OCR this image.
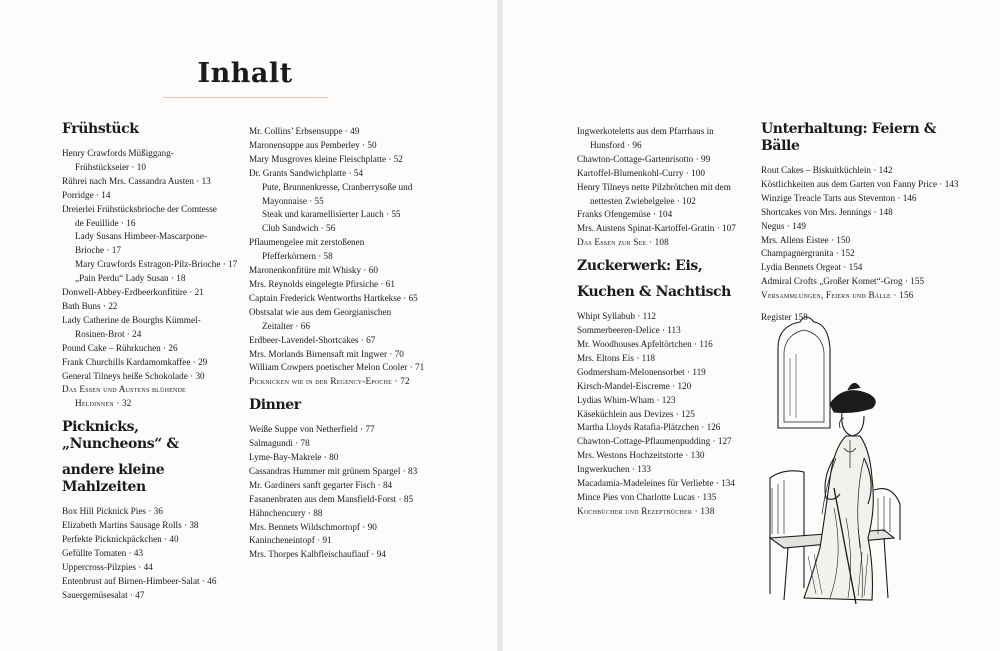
Inhalt
Frühstück
Henry Crawfords Müßiggang-
Frühstückseier · 10
Rührei nach Mrs. Cassandra Austen · 13
Porridge · 14
Dreierlei Frühstücksbrioche der Comtesse
de Feuillide · 16
Lady Susans Himbeer-Mascarpone-
Brioche · 17
Mary Crawfords Estragon-Pilz-Brioche · 17
„Pain Perdu“ Lady Susan · 18
Donwell-Abbey-Erdbeerkonfitüre · 21
Bath Buns · 22
Lady Catherine de Bourghs Kümmel-
Rosinen-Brot · 24
Pound Cake – Rührkuchen · 26
Frank Churchills Kardamomkaffee · 29
General Tilneys heiße Schokolade · 30
Das Essen und Austens blühende
Heldinnen · 32
Picknicks, „Nuncheons“ &
andere kleine Mahlzeiten
Box Hill Picknick Pies · 36
Elizabeth Martins Sausage Rolls · 38
Perfekte Picknickpäckchen · 40
Gefüllte Tomaten · 43
Uppercross-Pilzpies · 44
Entenbrust auf Birnen-Himbeer-Salat · 46
Sauergemüsesalat · 47
Mr. Collins’ Erbsensuppe · 49
Maronensuppe aus Pemberley · 50
Mary Musgroves kleine Fleischplatte · 52
Dr. Grants Sandwichplatte · 54
Pute, Brunnenkresse, Cranberrysoße und
Mayonnaise · 55
Steak und karamellisierter Lauch · 55
Club Sandwich · 56
Pflaumengelee mit zerstoßenen
Pfefferkörnern · 58
Maronenkonfitüre mit Whisky · 60
Mrs. Reynolds eingelegte Pfirsiche · 61
Captain Frederick Wentworths Hartkekse · 65
Obstsalat wie aus dem Georgianischen
Zeitalter · 66
Erdbeer-Lavendel-Shortcakes · 67
Mrs. Morlands Birnensaft mit Ingwer · 70
William Cowpers poetischer Melon Cooler · 71
Picknicken wie in der Regency-Epoche · 72
Dinner
Weiße Suppe von Netherfield · 77
Salmagundi · 78
Lyme-Bay-Makrele · 80
Cassandras Hummer mit grünem Spargel · 83
Mr. Gardiners sanft gegarter Fisch · 84
Fasanenbraten aus dem Mansfield-Forst · 85
Hähnchencurry · 88
Mrs. Bennets Wildschmortopf · 90
Kanincheneintopf · 91
Mrs. Thorpes Kalbfleischauflauf · 94
Ingwerkoteletts aus dem Pfarrhaus in
Hunsford · 96
Chawton-Cottage-Gartenrisotto · 99
Kartoffel-Blumenkohl-Curry · 100
Henry Tilneys nette Pilzbrötchen mit dem
nettesten Zwiebelgelee · 102
Franks Ofengemüse · 104
Mrs. Austens Spinat-Kartoffel-Gratin · 107
Das Essen zur See · 108
Zuckerwerk: Eis,
Kuchen & Nachtisch
Whipt Syllabub · 112
Sommerbeeren-Delice · 113
Mr. Woodhouses Apfeltörtchen · 116
Mrs. Eltons Eis · 118
Godmersham-Melonensorbet · 119
Kirsch-Mandel-Eiscreme · 120
Lydias Whim-Wham · 123
Käseküchlein aus Devizes · 125
Martha Lloyds Ratafia-Plätzchen · 126
Chawton-Cottage-Pflaumenpudding · 127
Mrs. Westons Hochzeitstorte · 130
Ingwerkuchen · 133
Macadamia-Madeleines für Verliebte · 134
Mince Pies von Charlotte Lucas · 135
Kochbücher und Rezeptbücher · 138
Unterhaltung: Feiern & Bälle
Rout Cakes – Biskuitküchlein · 142
Köstlichkeiten aus dem Garten von Fanny Price · 143
Winzige Treacle Tarts aus Steventon · 146
Shortcakes von Mrs. Jennings · 148
Negus · 149
Mrs. Allens Eistee · 150
Champagnergranita · 152
Lydia Bennets Orgeat · 154
Admiral Crofts „Großer Komet“-Grog · 155
Versammlungen, Feiern und Bälle · 156
Register 158
